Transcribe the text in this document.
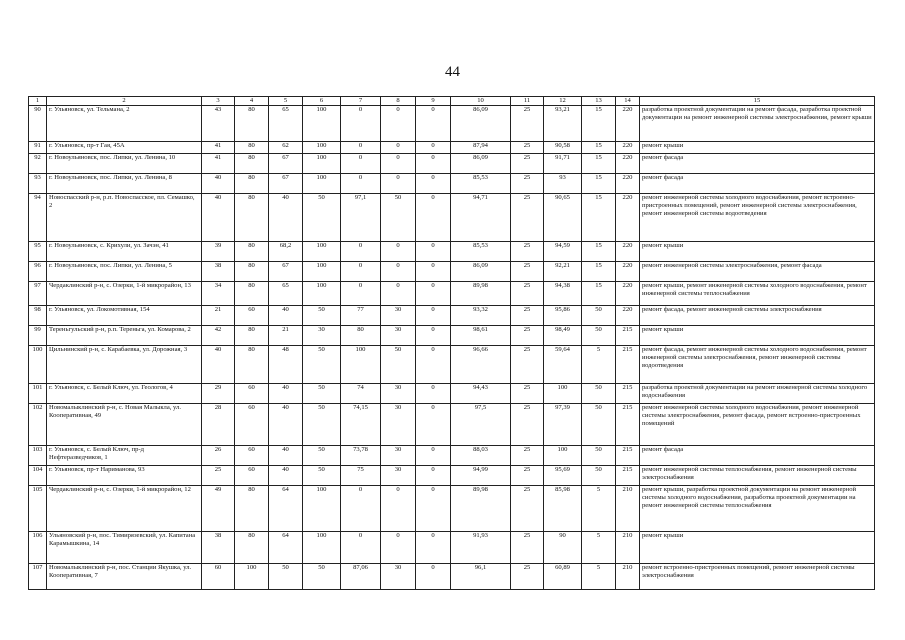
44
1	2	3	4	5	6	7	8	9	10	11	12	13	14	15
90	г. Ульяновск, ул. Тельмана, 2	43	80	65	100	0	0	0	86,09	25	93,21	15	220	разработка проектной документации на ремонт фасада, разработка проектной документации на ремонт инженерной системы электроснабжения, ремонт крыши
91	г. Ульяновск, пр-т Гая, 45А	41	80	62	100	0	0	0	87,94	25	90,58	15	220	ремонт крыши
92	г. Новоульяновск, пос. Липки, ул. Ленина, 10	41	80	67	100	0	0	0	86,09	25	91,71	15	220	ремонт фасада
93	г. Новоульяновск, пос. Липки, ул. Ленина, 8	40	80	67	100	0	0	0	85,53	25	93	15	220	ремонт фасада
94	Новоспасский р-н, р.п. Новоспасское, пл. Семашко, 2	40	80	40	50	97,1	50	0	94,71	25	90,65	15	220	ремонт инженерной системы холодного водоснабжения, ремонт встроенно-пристроенных помещений, ремонт инженерной системы электроснабжения, ремонт инженерной системы водоотведения
95	г. Новоульяновск, с. Крихули, ул. Зачэн, 41	39	80	68,2	100	0	0	0	85,53	25	94,59	15	220	ремонт крыши
96	г. Новоульяновск, пос. Липки, ул. Ленина, 5	38	80	67	100	0	0	0	86,09	25	92,21	15	220	ремонт инженерной системы электроснабжения, ремонт фасада
97	Чердаклинский р-н, с. Озерки, 1-й микрорайон, 13	34	80	65	100	0	0	0	89,98	25	94,38	15	220	ремонт крыши, ремонт инженерной системы холодного водоснабжения, ремонт инженерной системы теплоснабжения
98	г. Ульяновск, ул. Локомотивная, 154	21	60	40	50	77	30	0	93,32	25	95,86	50	220	ремонт фасада, ремонт инженерной системы электроснабжения
99	Тереньгульский р-н, р.п. Тереньга, ул. Комарова, 2	42	80	21	30	80	30	0	98,61	25	98,49	50	215	ремонт крыши
100	Цильнинский р-н, с. Карабаевка, ул. Дорожная, 3	40	80	48	50	100	50	0	96,66	25	59,64	5	215	ремонт фасада, ремонт инженерной системы холодного водоснабжения, ремонт инженерной системы электроснабжения, ремонт инженерной системы водоотведения
101	г. Ульяновск, с. Белый Ключ, ул. Геологов, 4	29	60	40	50	74	30	0	94,43	25	100	50	215	разработка проектной документации на ремонт инженерной системы холодного водоснабжения
102	Новомалыклинский р-н, с. Новая Малыкла, ул. Кооперативная, 49	28	60	40	50	74,15	30	0	97,5	25	97,39	50	215	ремонт инженерной системы холодного водоснабжения, ремонт инженерной системы электроснабжения, ремонт фасада, ремонт встроенно-пристроенных помещений
103	г. Ульяновск, с. Белый Ключ, пр-д Нефтеразведчиков, 1	26	60	40	50	73,78	30	0	88,03	25	100	50	215	ремонт фасада
104	г. Ульяновск, пр-т Нариманова, 93	25	60	40	50	75	30	0	94,99	25	95,69	50	215	ремонт инженерной системы теплоснабжения, ремонт инженерной системы электроснабжения
105	Чердаклинский р-н, с. Озерки, 1-й микрорайон, 12	49	80	64	100	0	0	0	89,98	25	85,98	5	210	ремонт крыши, разработка проектной документации на ремонт инженерной системы холодного водоснабжения, разработка проектной документации на ремонт инженерной системы теплоснабжения
106	Ульяновский р-н, пос. Тимирязевский, ул. Капитана Карамышкина, 14	38	80	64	100	0	0	0	91,93	25	90	5	210	ремонт крыши
107	Новомалыклинский р-н, пос. Станции Якушка, ул. Кооперативная, 7	60	100	50	50	87,06	30	0	96,1	25	60,89	5	210	ремонт встроенно-пристроенных помещений, ремонт инженерной системы электроснабжения
